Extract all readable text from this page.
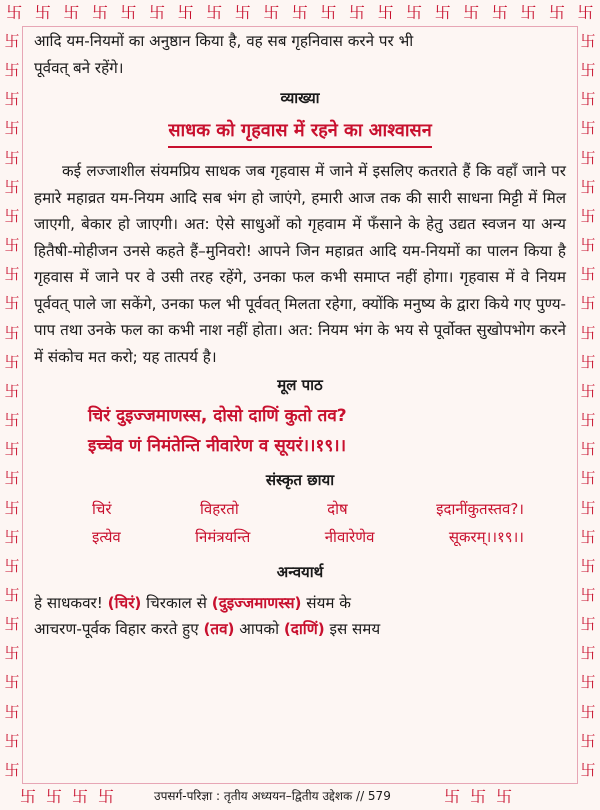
卐 卐 卐 卐 卐 卐 卐 卐 卐 卐 卐 卐 卐 卐 卐 卐 卐 卐 卐 卐 卐
卐
卐
卐
卐
卐
卐
卐
卐
卐
卐
卐
卐
卐
卐
卐
卐
卐
卐
卐
卐
卐
卐
卐
卐
卐
卐
卐
卐
卐
卐
卐
卐
卐
卐
卐
卐
卐
卐
卐
卐
卐
卐
卐
卐
卐
卐
卐
卐
卐
卐
卐
卐
卐 卐 卐 卐	卐 卐 卐

आदि यम-नियमों का अनुष्ठान किया है, वह सब गृहनिवास करने पर भी
पूर्ववत् बने रहेंगे।

व्याख्या
साधक को गृहवास में रहने का आश्वासन

कई लज्जाशील संयमप्रिय साधक जब गृहवास में जाने में इसलिए कतराते हैं कि वहाँ जाने पर हमारे महाव्रत यम-नियम आदि सब भंग हो जाएंगे, हमारी आज तक की सारी साधना मिट्टी में मिल जाएगी, बेकार हो जाएगी। अत: ऐसे साधुओं को गृहवाम में फँसाने के हेतु उद्यत स्वजन या अन्य हितैषी-मोहीजन उनसे कहते हैं–मुनिवरो! आपने जिन महाव्रत आदि यम-नियमों का पालन किया है गृहवास में जाने पर वे उसी तरह रहेंगे, उनका फल कभी समाप्त नहीं होगा। गृहवास में वे नियम पूर्ववत् पाले जा सकेंगे, उनका फल भी पूर्ववत् मिलता रहेगा, क्योंकि मनुष्य के द्वारा किये गए पुण्य-पाप तथा उनके फल का कभी नाश नहीं होता। अत: नियम भंग के भय से पूर्वोक्त सुखोपभोग करने में संकोच मत करो; यह तात्पर्य है।

मूल पाठ

चिरं दुइज्जमाणस्स, दोसो दाणिं कुतो तव?

इच्चेव णं निमंतेन्ति नीवारेण व सूयरं।।१९।।

संस्कृत छाया
चिरं	विहरतो	दोष	इदानींकुतस्तव?।
इत्येव	निमंत्रयन्ति	नीवारेणेव	सूकरम्।।१९।।
अन्वयार्थ

हे साधकवर! (चिरं) चिरकाल से (दुइज्जमाणस्स) संयम के
आचरण-पूर्वक विहार करते हुए (तव) आपको (दाणिं) इस समय

उपसर्ग-परिज्ञा : तृतीय अध्ययन–द्वितीय उद्देशक // 579
